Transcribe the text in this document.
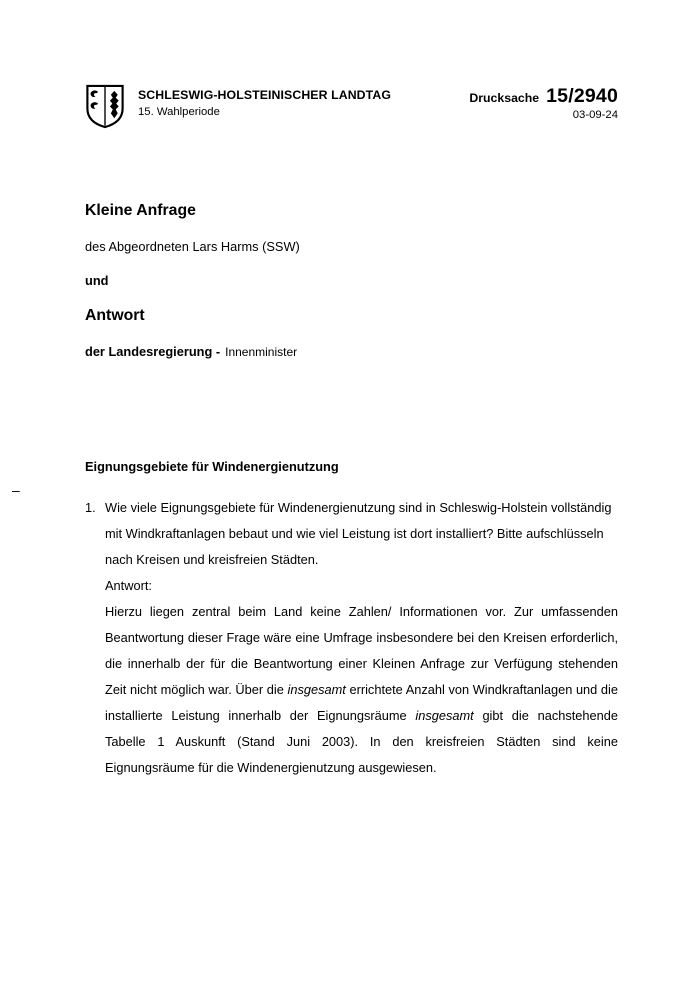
SCHLESWIG-HOLSTEINISCHER LANDTAG
15. Wahlperiode
Drucksache 15/2940
03-09-24
Kleine Anfrage
des Abgeordneten Lars Harms (SSW)
und
Antwort
der Landesregierung - Innenminister
–
Eignungsgebiete für Windenergienutzung
1. Wie viele Eignungsgebiete für Windenergienutzung sind in Schleswig-Holstein vollständig mit Windkraftanlagen bebaut und wie viel Leistung ist dort installiert? Bitte aufschlüsseln nach Kreisen und kreisfreien Städten.
Antwort:

Hierzu liegen zentral beim Land keine Zahlen/ Informationen vor. Zur umfassenden Beantwortung dieser Frage wäre eine Umfrage insbesondere bei den Kreisen erforderlich, die innerhalb der für die Beantwortung einer Kleinen Anfrage zur Verfügung stehenden Zeit nicht möglich war. Über die insgesamt errichtete Anzahl von Windkraftanlagen und die installierte Leistung innerhalb der Eignungsräume insgesamt gibt die nachstehende Tabelle 1 Auskunft (Stand Juni 2003). In den kreisfreien Städten sind keine Eignungsräume für die Windenergienutzung ausgewiesen.
